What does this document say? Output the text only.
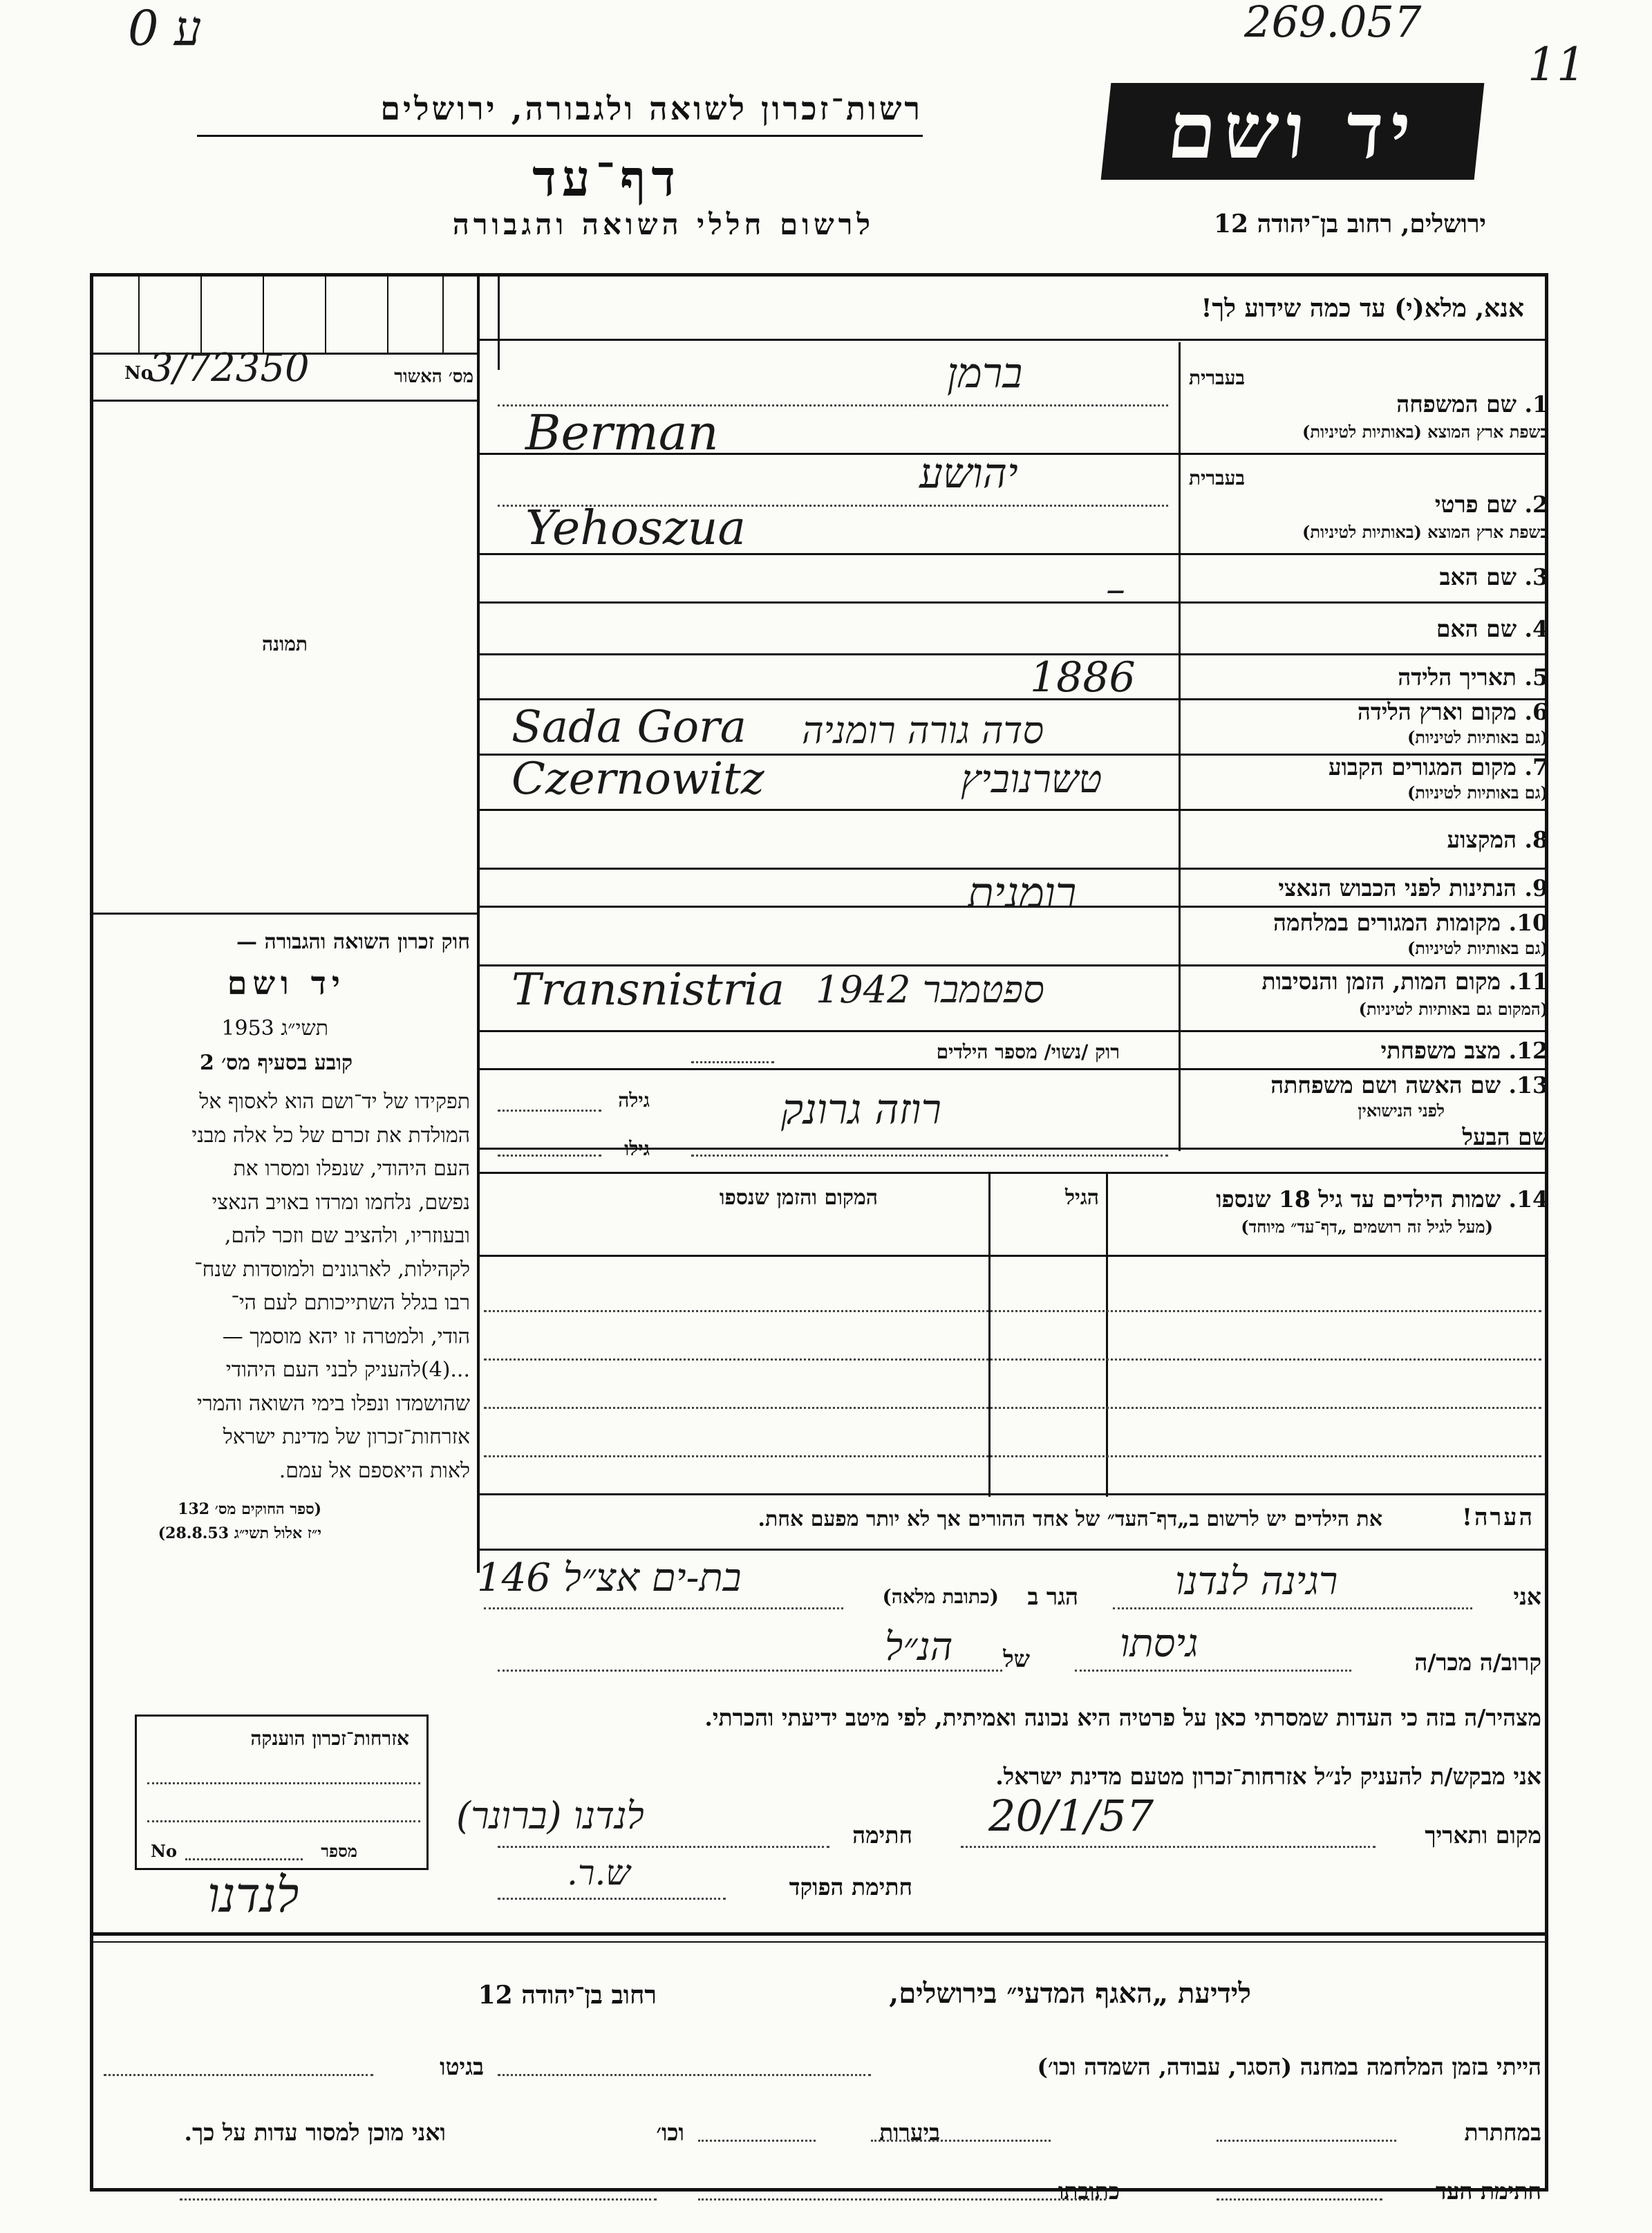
ע 0	269.057
11
רשות־זכרון לשואה ולגבורה, ירושלים
דף־עד
לרשום חללי השואה והגבורה
יד ושם
ירושלים, רחוב בן־יהודה 12
אנא, מלא(י) עד כמה שידוע לך!
No
3/72350	מס׳ האשור
תמונה
חוק זכרון השואה והגבורה —
יד ושם
תשי״ג 1953
קובע בסעיף מס׳ 2
תפקידו של יד־ושם הוא לאסוף אל
המולדת את זכרם של כל אלה מבני
העם היהודי, שנפלו ומסרו את
נפשם, נלחמו ומרדו באויב הנאצי
ובעוזריו, ולהציב שם וזכר להם,
לקהילות, לארגונים ולמוסדות שנח־
רבו בגלל השתייכותם לעם הי־
הודי, ולמטרה זו יהא מוסמך —
...(4)להעניק לבני העם היהודי
שהושמדו ונפלו בימי השואה והמרי
אזרחות־זכרון של מדינת ישראל
לאות היאספם אל עמם.
(ספר החוקים מס׳ 132
י״ז אלול תשי״ג 28.8.53)
בעברית
1. שם המשפחה
בשפת ארץ המוצא (באותיות לטיניות)
ברמן
Berman
בעברית
2. שם פרטי
בשפת ארץ המוצא (באותיות לטיניות)
יהושע
Yehoszua
3. שם האב
–
4. שם האם
5. תאריך הלידה
1886
6. מקום וארץ הלידה
(גם באותיות לטיניות)
Sada Gora סדה גורה רומניה
7. מקום המגורים הקבוע
(גם באותיות לטיניות)
Czernowitz	טשרנוביץ
8. המקצוע
9. הנתינות לפני הכבוש הנאצי
רומנית
10. מקומות המגורים במלחמה
(גם באותיות לטיניות)
11. מקום המות, הזמן והנסיבות
(המקום גם באותיות לטיניות)
Transnistria ספטמבר 1942
12. מצב משפחתי
רוק /נשוי/ מספר הילדים
13. שם האשה ושם משפחתה
לפני הנישואין
גילה	רוזה גרונק
שם הבעל
גילו
14. שמות הילדים עד גיל 18 שנספו
(מעל לגיל זה רושמים „דף־עד״ מיוחד)
הגיל
המקום והזמן שנספו
הערה!
את הילדים יש לרשום ב„דף־העד״ של אחד ההורים אך לא יותר מפעם אחת.
אני
רגינה לנדנו
הגר ב
(כתובת מלאה)
בת-ים אצ״ל 146
קרוב/ה מכר/ה
גיסתו
של
הנ״ל
מצהיר/ה בזה כי העדות שמסרתי כאן על פרטיה היא נכונה ואמיתית, לפי מיטב ידיעתי והכרתי.
אני מבקש/ת להעניק לנ״ל אזרחות־זכרון מטעם מדינת ישראל.
מקום ותאריך
20/1/57
חתימה
לנדנו (ברונר)
חתימת הפוקד
ש.ר.
אזרחות־זכרון הוענקה
No	מספר
לנדנו
לידיעת „האגף המדעי״ בירושלים,
רחוב בן־יהודה 12
הייתי בזמן המלחמה במחנה (הסגר, עבודה, השמדה וכו׳)
בגיטו
במחתרת
ביערות
וכו׳
ואני מוכן למסור עדות על כך.
חתימת העד
כתובתו
